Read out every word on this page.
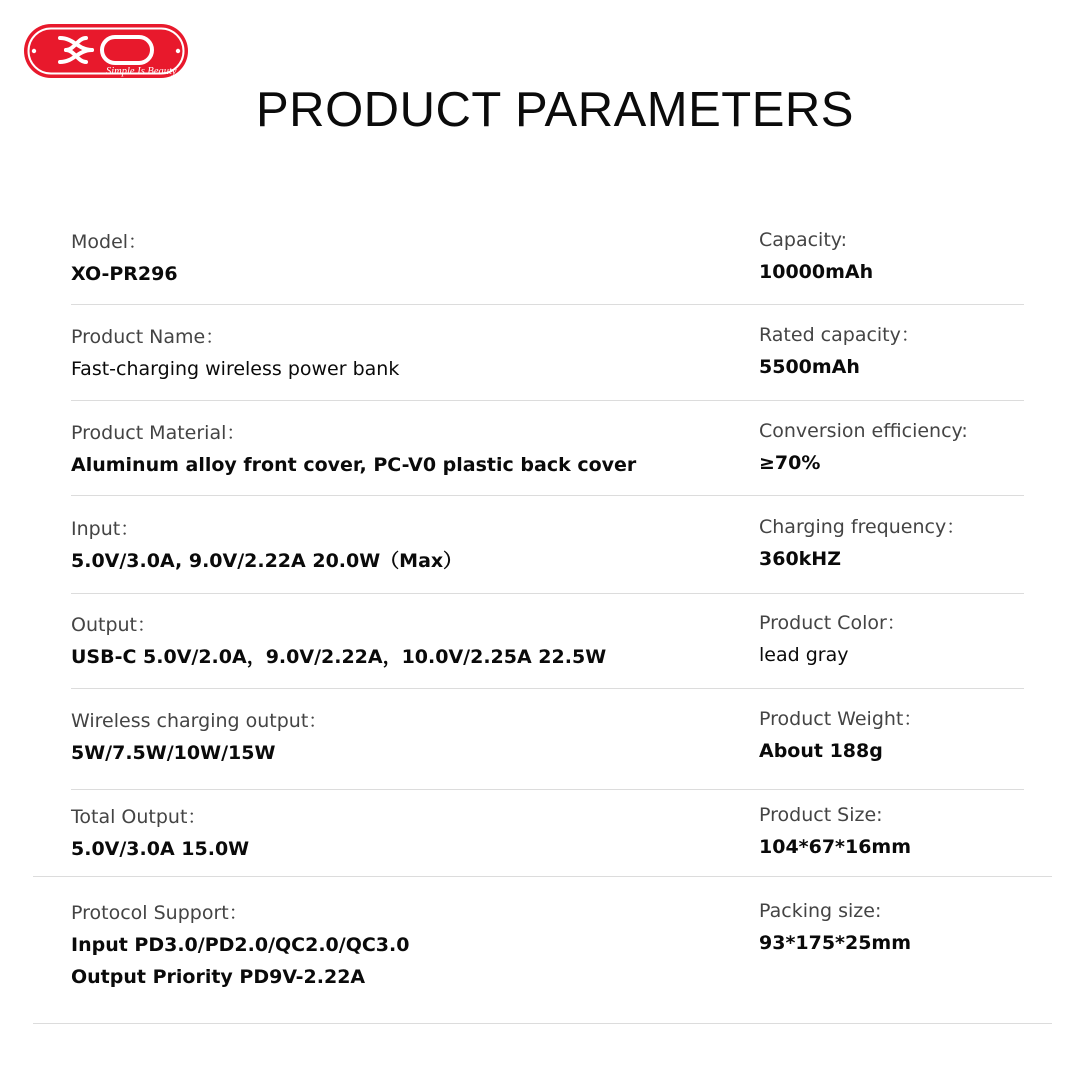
Simple Is Beauty
PRODUCT PARAMETERS
Model：
XO-PR296
Capacity:
10000mAh
Product Name：
Fast-charging wireless power bank
Rated capacity：
5500mAh
Product Material：
Aluminum alloy front cover, PC-V0 plastic back cover
Conversion efficiency:
≥70%
Input：
5.0V/3.0A, 9.0V/2.22A 20.0W（Max）
Charging frequency：
360kHZ
Output：
USB-C 5.0V/2.0A，9.0V/2.22A，10.0V/2.25A 22.5W
Product Color：
lead gray
Wireless charging output：
5W/7.5W/10W/15W
Product Weight：
About 188g
Total Output：
5.0V/3.0A 15.0W
Product Size:
104*67*16mm
Protocol Support：
Input PD3.0/PD2.0/QC2.0/QC3.0
Output Priority PD9V-2.22A
Packing size:
93*175*25mm
